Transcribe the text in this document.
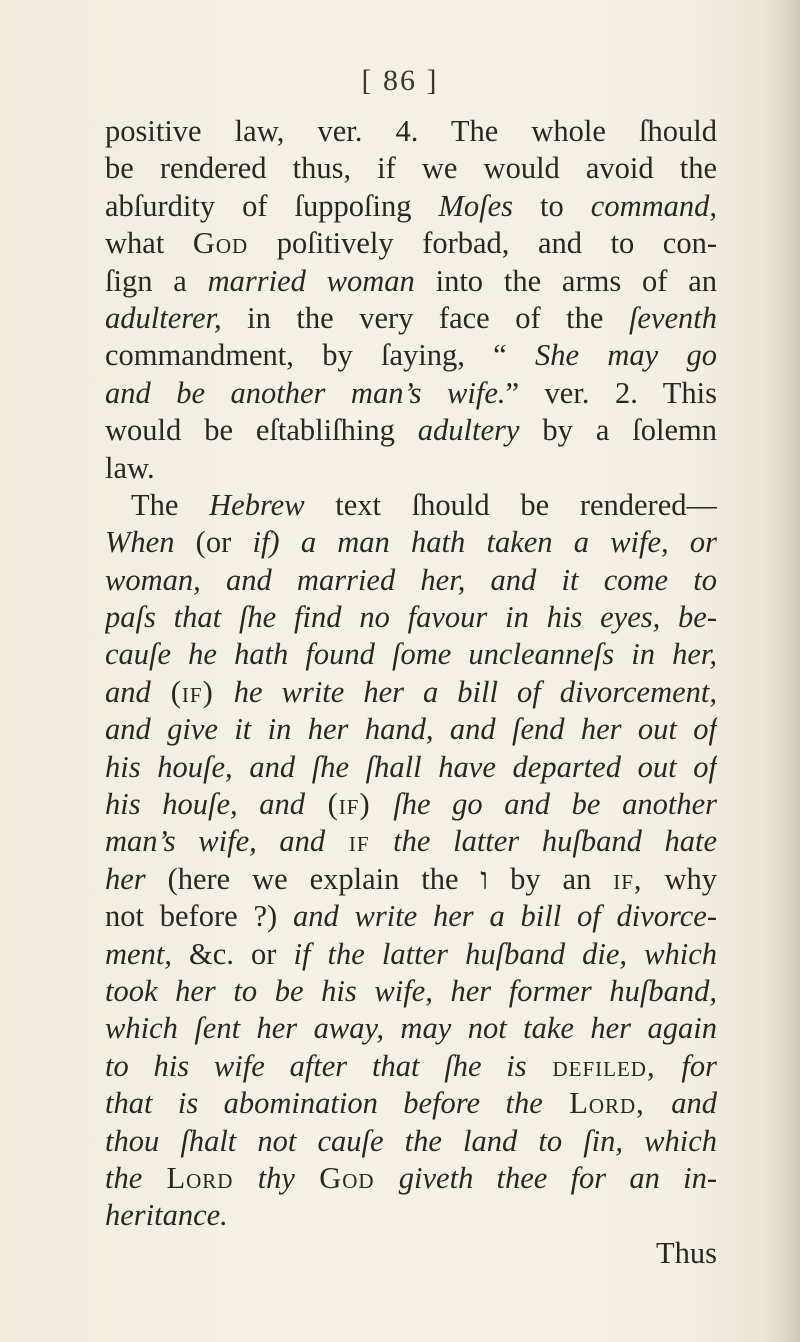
[ 86 ]
positive law, ver. 4. The whole ſhould
be rendered thus, if we would avoid the
abſurdity of ſuppoſing Moſes to command,
what God poſitively forbad, and to con-
ſign a married woman into the arms of an
adulterer, in the very face of the ſeventh
commandment, by ſaying, “ She may go
and be another man’s wife.” ver. 2. This
would be eſtabliſhing adultery by a ſolemn
law.
The Hebrew text ſhould be rendered—
When (or if) a man hath taken a wife, or
woman, and married her, and it come to
paſs that ſhe find no favour in his eyes, be-
cauſe he hath found ſome uncleanneſs in her,
and (if) he write her a bill of divorcement,
and give it in her hand, and ſend her out of
his houſe, and ſhe ſhall have departed out of
his houſe, and (if) ſhe go and be another
man’s wife, and if the latter huſband hate
her (here we explain the ו by an if, why
not before ?) and write her a bill of divorce-
ment, &c. or if the latter huſband die, which
took her to be his wife, her former huſband,
which ſent her away, may not take her again
to his wife after that ſhe is defiled, for
that is abomination before the Lord, and
thou ſhalt not cauſe the land to ſin, which
the Lord thy God giveth thee for an in-
heritance.
Thus
